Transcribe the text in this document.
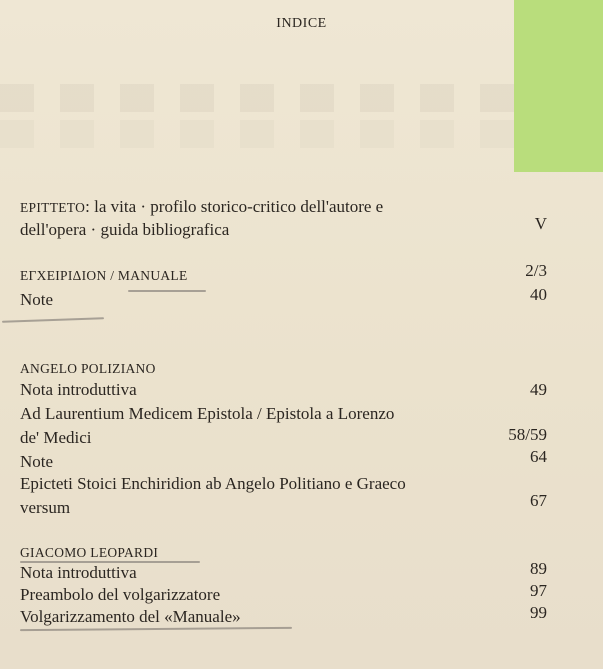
INDICE
EPITTETO: la vita · profilo storico-critico dell'autore e
dell'opera · guida bibliografica	V
ΕΓΧΕΙΡΙΔΙΟΝ / MANUALE	2/3
Note	40
ANGELO POLIZIANO
Nota introduttiva	49
Ad Laurentium Medicem Epistola / Epistola a Lorenzo
de' Medici	58/59
Note	64
Epicteti Stoici Enchiridion ab Angelo Politiano e Graeco
versum	67
GIACOMO LEOPARDI
Nota introduttiva	89
Preambolo del volgarizzatore	97
Volgarizzamento del «Manuale»	99
